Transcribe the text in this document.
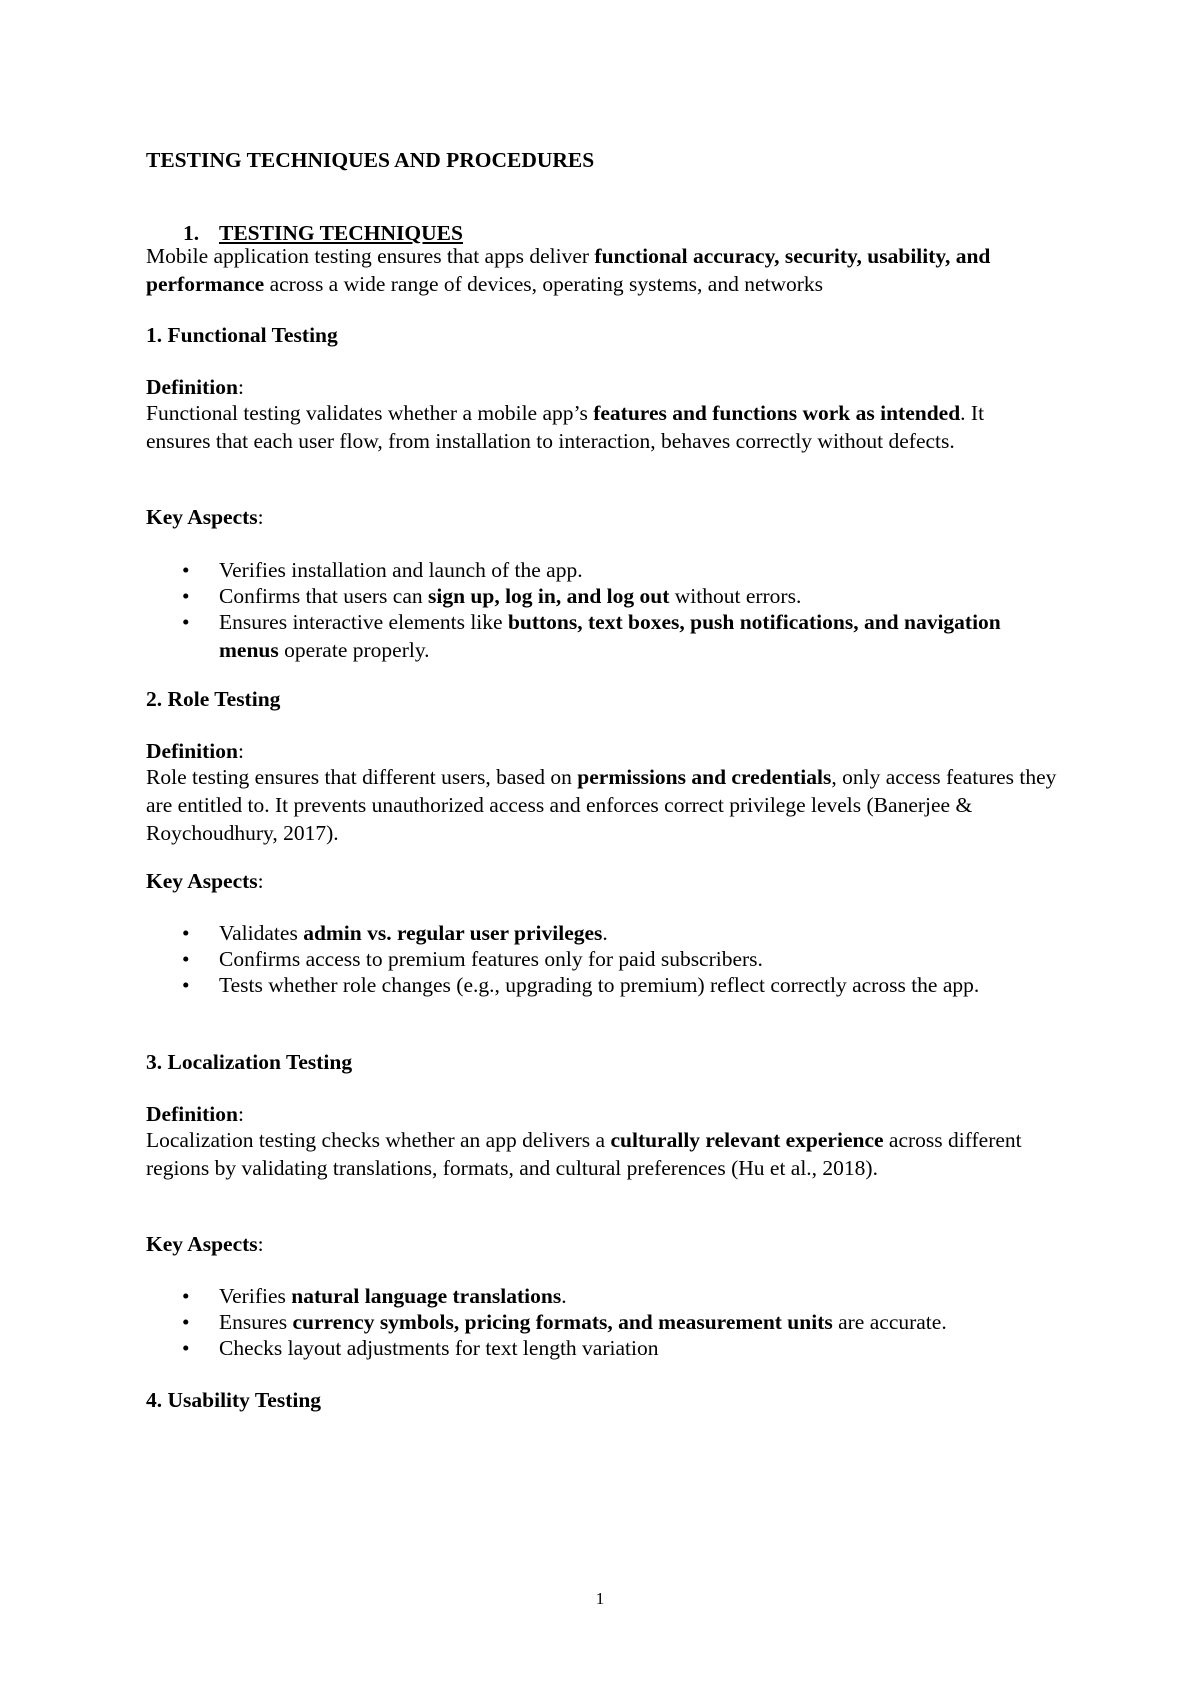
TESTING TECHNIQUES AND PROCEDURES
1. TESTING TECHNIQUES

Mobile application testing ensures that apps deliver functional accuracy, security, usability, and performance across a wide range of devices, operating systems, and networks

1. Functional Testing

Definition:

Functional testing validates whether a mobile app’s features and functions work as intended. It ensures that each user flow, from installation to interaction, behaves correctly without defects.

Key Aspects:

• Verifies installation and launch of the app.
• Confirms that users can sign up, log in, and log out without errors.
• Ensures interactive elements like buttons, text boxes, push notifications, and navigation menus operate properly.

2. Role Testing

Definition:

Role testing ensures that different users, based on permissions and credentials, only access features they are entitled to. It prevents unauthorized access and enforces correct privilege levels (Banerjee & Roychoudhury, 2017).

Key Aspects:

• Validates admin vs. regular user privileges.
• Confirms access to premium features only for paid subscribers.
• Tests whether role changes (e.g., upgrading to premium) reflect correctly across the app.

3. Localization Testing

Definition:

Localization testing checks whether an app delivers a culturally relevant experience across different regions by validating translations, formats, and cultural preferences (Hu et al., 2018).

Key Aspects:

• Verifies natural language translations.
• Ensures currency symbols, pricing formats, and measurement units are accurate.
• Checks layout adjustments for text length variation

4. Usability Testing

1
